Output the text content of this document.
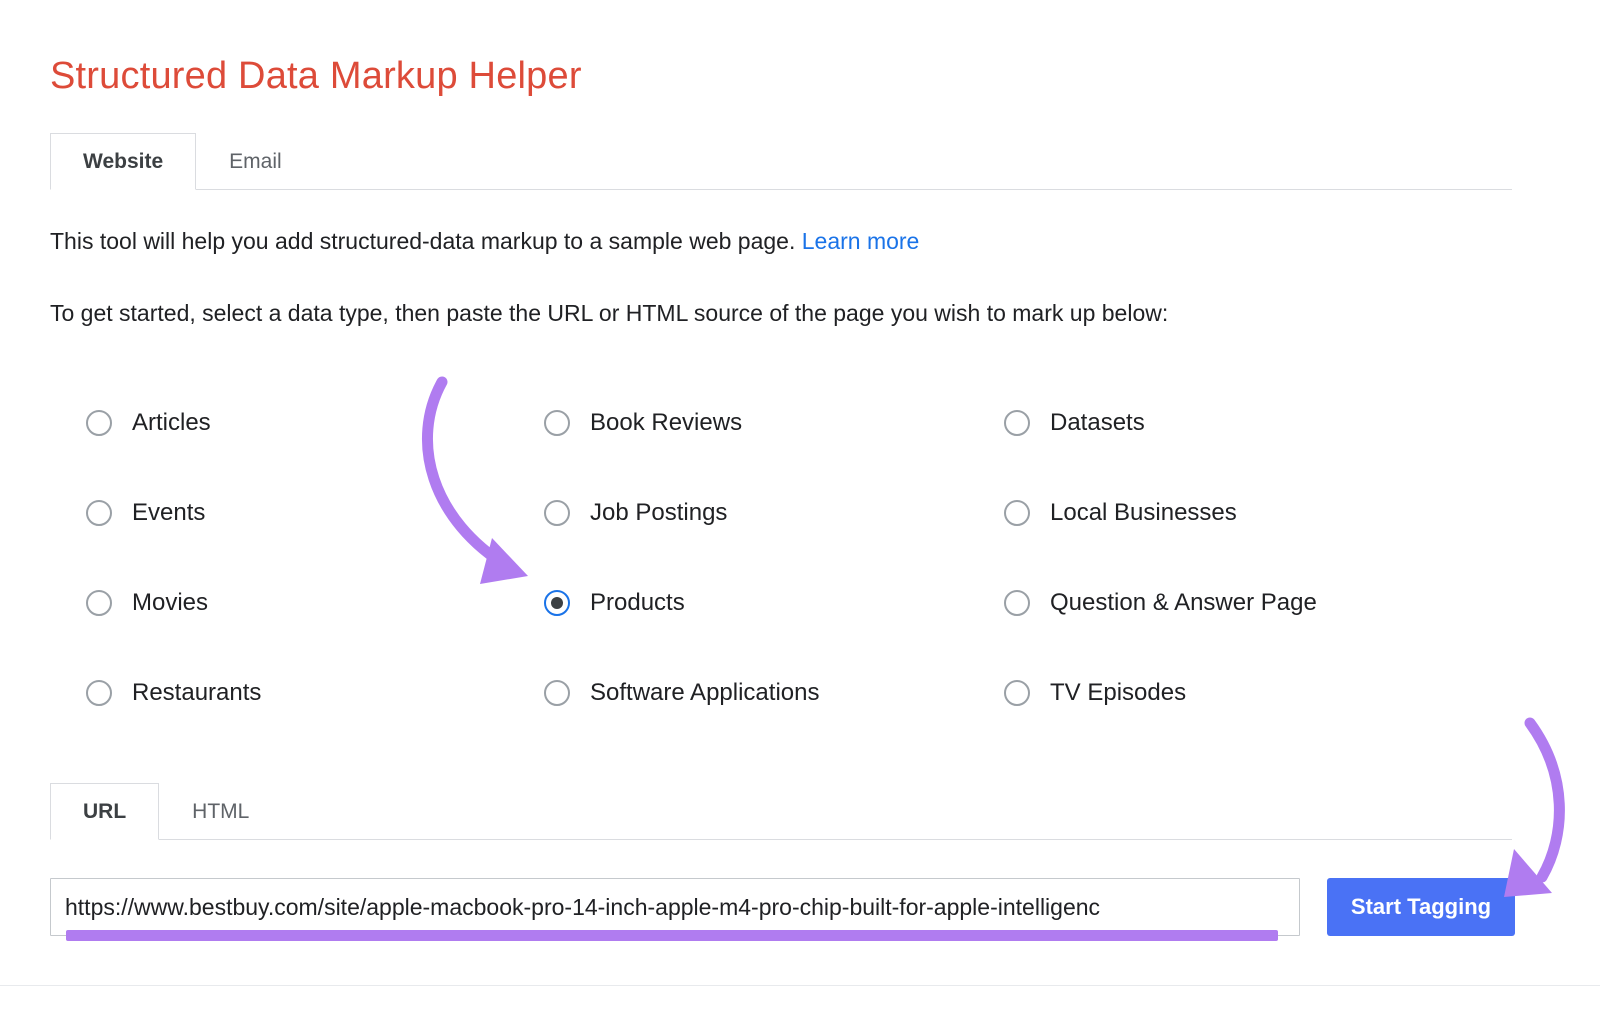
Structured Data Markup Helper
Website	Email
This tool will help you add structured-data markup to a sample web page. Learn more
To get started, select a data type, then paste the URL or HTML source of the page you wish to mark up below:
Articles
Events
Movies
Restaurants
Book Reviews
Job Postings
Products
Software Applications
Datasets
Local Businesses
Question & Answer Page
TV Episodes
URL	HTML
https://www.bestbuy.com/site/apple-macbook-pro-14-inch-apple-m4-pro-chip-built-for-apple-intelligenc
Start Tagging
